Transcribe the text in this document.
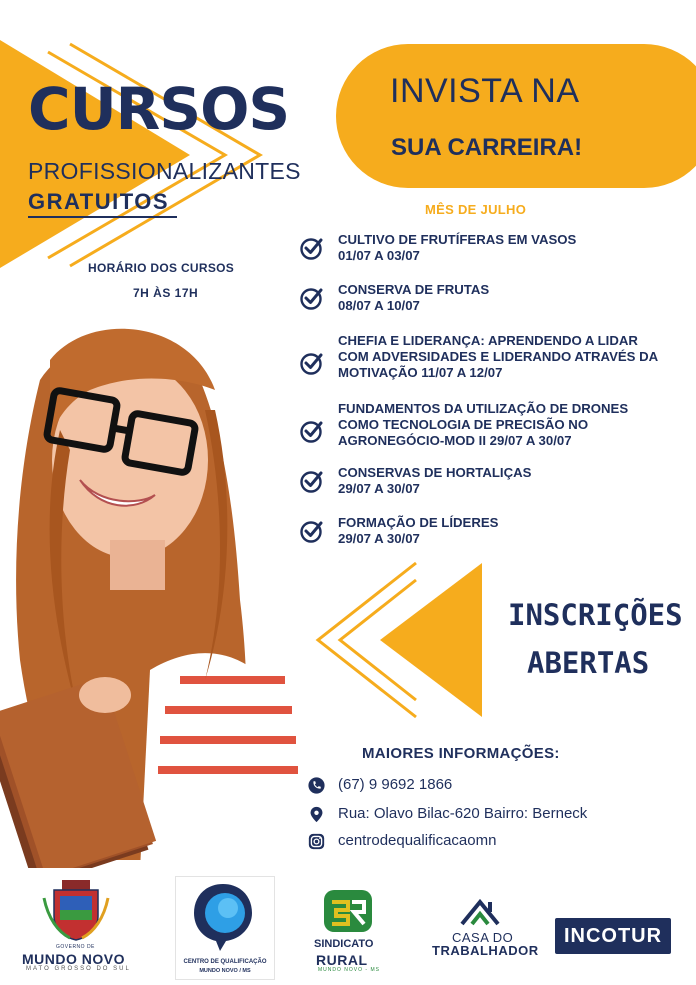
CURSOS
PROFISSIONALIZANTES
GRATUITOS
INVISTA NA
SUA CARREIRA!
MÊS DE JULHO
HORÁRIO DOS CURSOS
7H ÀS 17H
CULTIVO DE FRUTÍFERAS EM VASOS
01/07 A 03/07
CONSERVA DE FRUTAS
08/07 A 10/07
CHEFIA E LIDERANÇA: APRENDENDO A LIDAR
COM ADVERSIDADES E LIDERANDO ATRAVÉS DA
MOTIVAÇÃO 11/07 A 12/07
FUNDAMENTOS DA UTILIZAÇÃO DE DRONES
COMO TECNOLOGIA DE PRECISÃO NO
AGRONEGÓCIO-MOD II 29/07 A 30/07
CONSERVAS DE HORTALIÇAS
29/07 A 30/07
FORMAÇÃO DE LÍDERES
29/07 A 30/07
INSCRIÇÕES
ABERTAS
MAIORES INFORMAÇÕES:
(67) 9 9692 1866
Rua: Olavo Bilac-620 Bairro: Berneck
centrodequalificacaomn
GOVERNO DE
MUNDO NOVO
MATO GROSSO DO SUL
CENTRO DE QUALIFICAÇÃO
MUNDO NOVO / MS
SINDICATO
RURAL
MUNDO NOVO - MS
CASA DO
TRABALHADOR
INCOTUR
